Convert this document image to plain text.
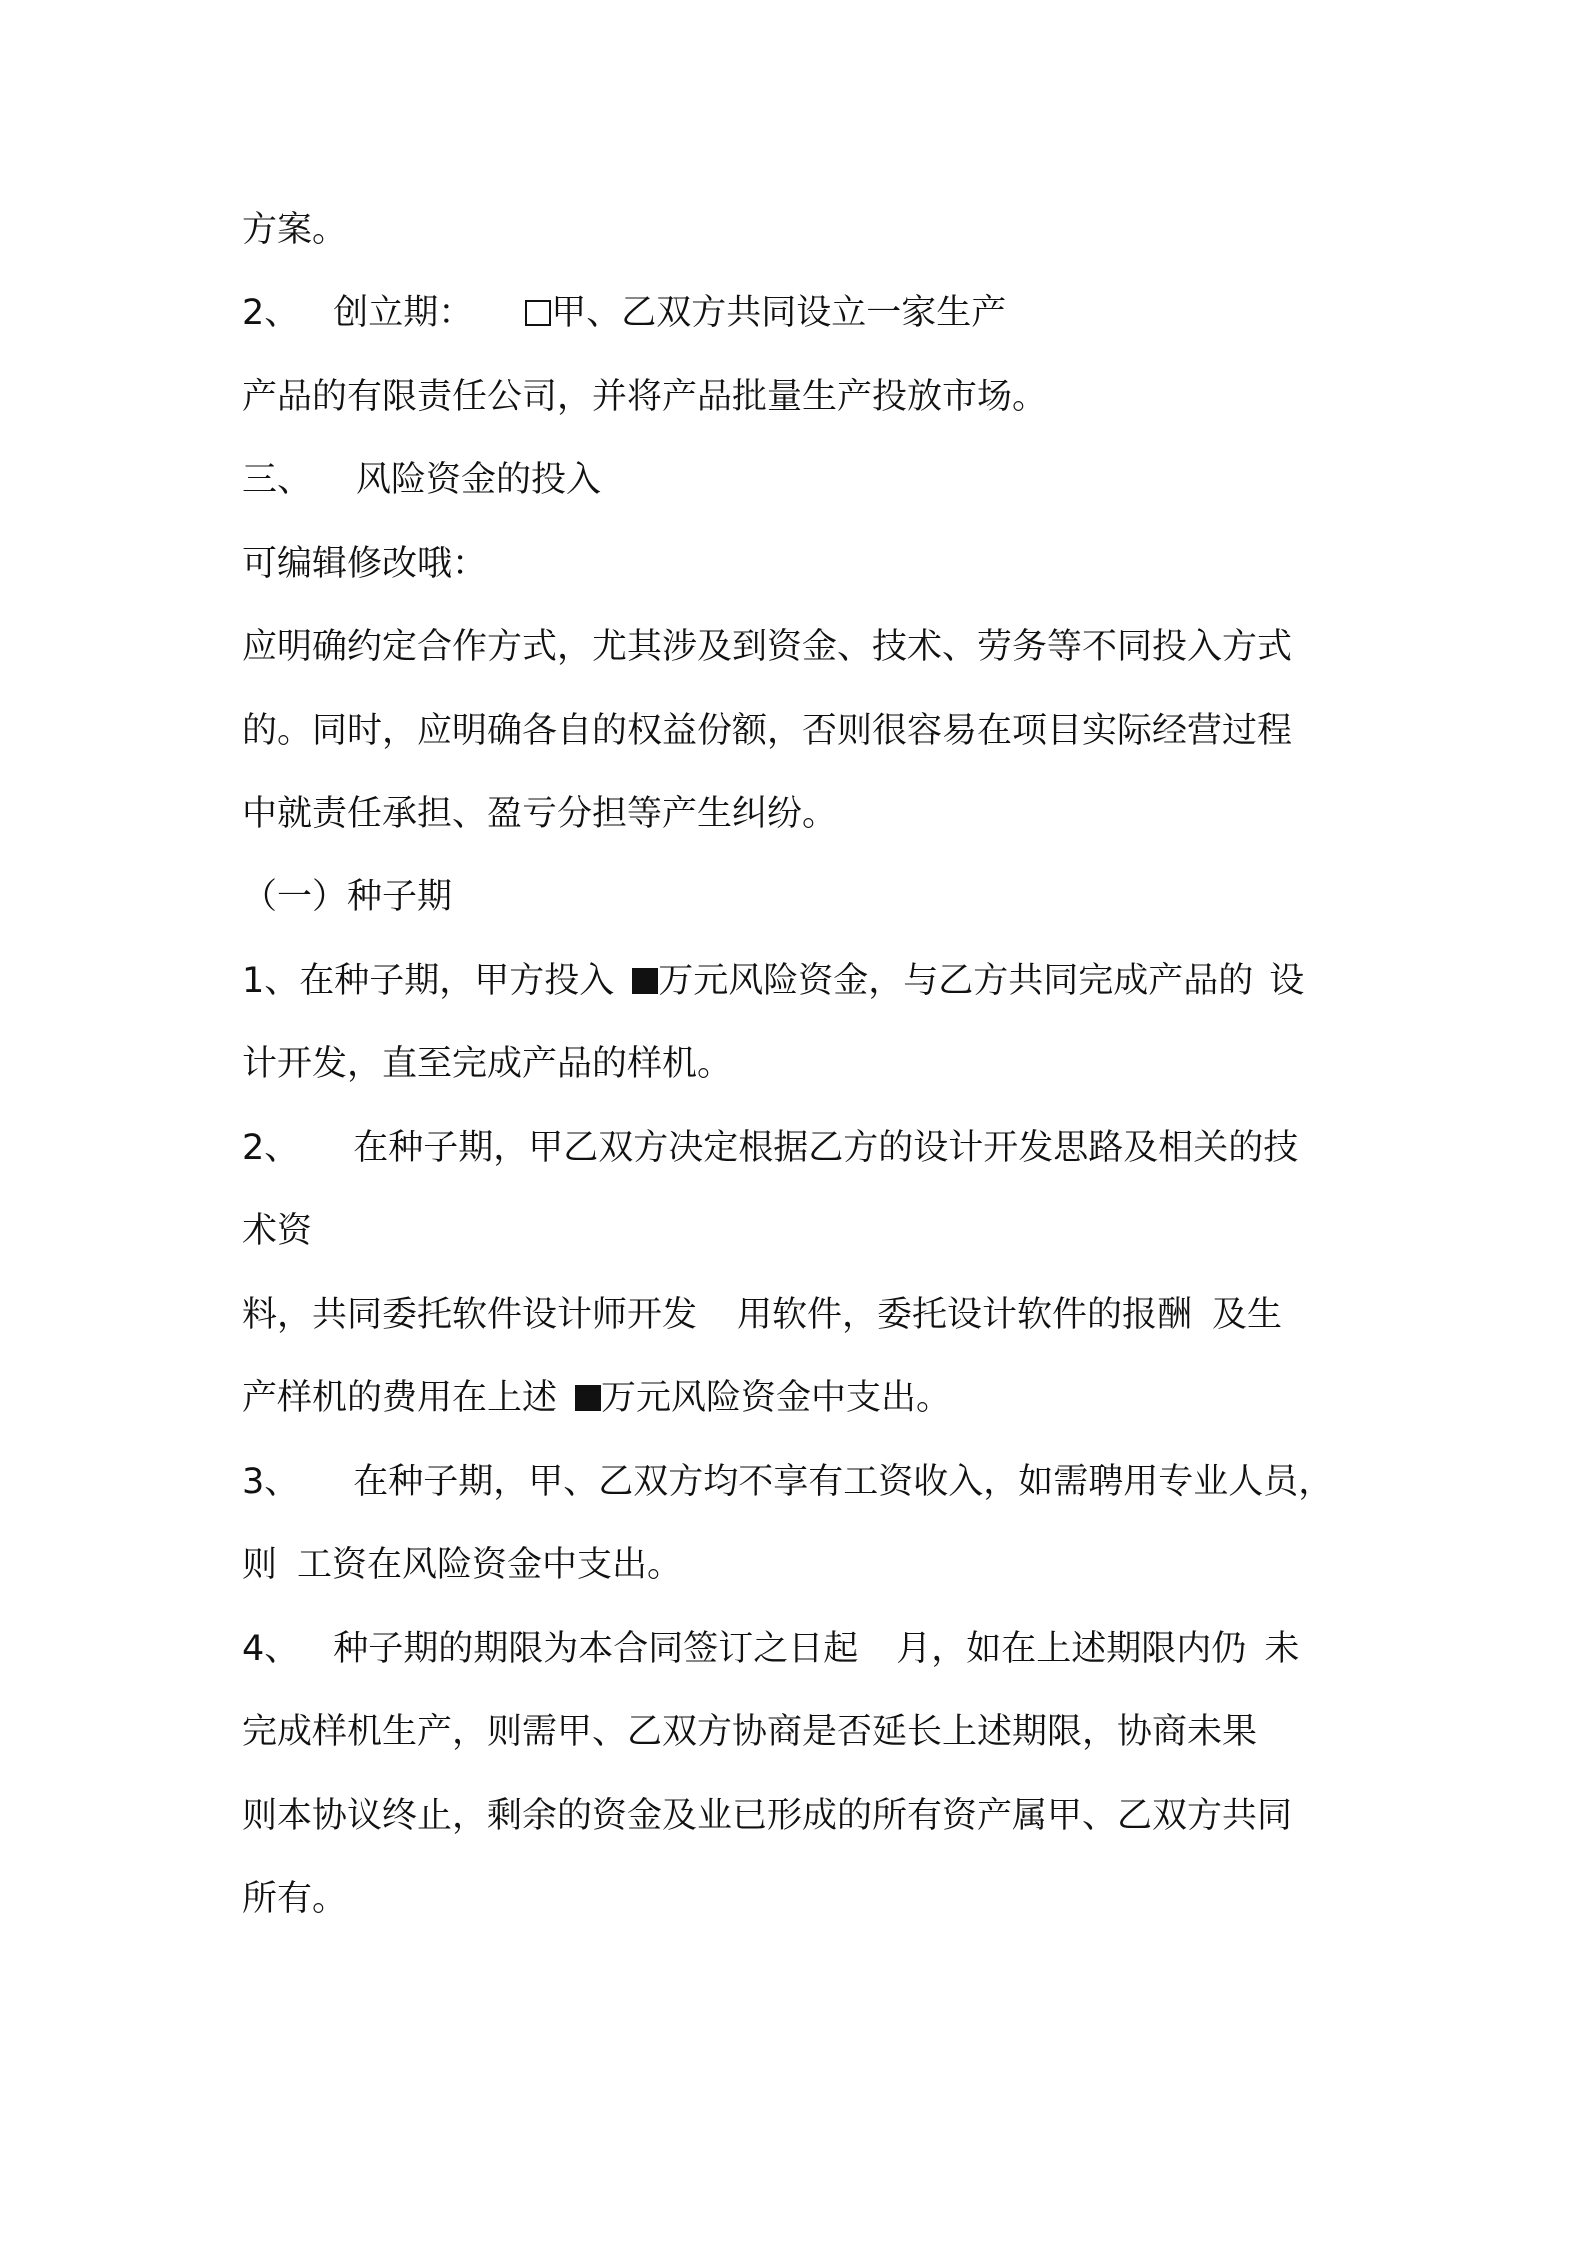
方案。
2、 创立期： 甲、乙双方共同设立一家生产
产品的有限责任公司，并将产品批量生产投放市场。
三、 风险资金的投入
可编辑修改哦：
应明确约定合作方式，尤其涉及到资金、技术、劳务等不同投入方式
的。同时，应明确各自的权益份额，否则很容易在项目实际经营过程
中就责任承担、盈亏分担等产生纠纷。
（一）种子期
1、在种子期，甲方投入 万元风险资金，与乙方共同完成产品的 设
计开发，直至完成产品的样机。
2、 在种子期，甲乙双方决定根据乙方的设计开发思路及相关的技
术资
料，共同委托软件设计师开发 用软件，委托设计软件的报酬 及生
产样机的费用在上述 万元风险资金中支出。
3、 在种子期，甲、乙双方均不享有工资收入，如需聘用专业人员，
则 工资在风险资金中支出。
4、 种子期的期限为本合同签订之日起 月，如在上述期限内仍 未
完成样机生产，则需甲、乙双方协商是否延长上述期限，协商未果
则本协议终止，剩余的资金及业已形成的所有资产属甲、乙双方共同
所有。
